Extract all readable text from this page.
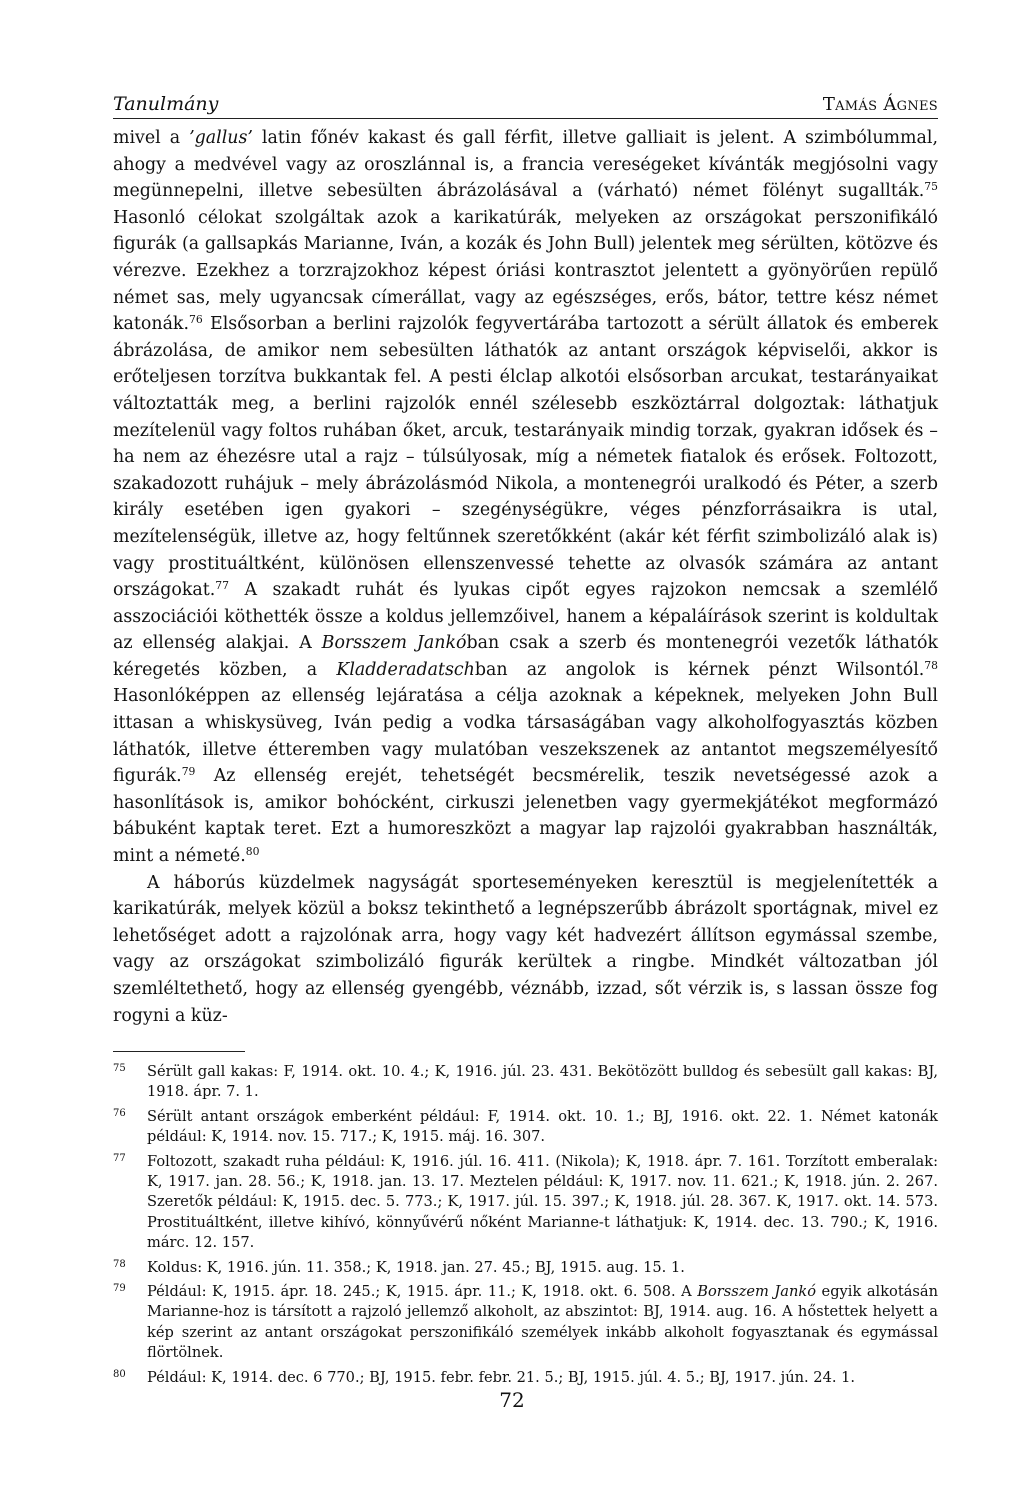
Tanulmány	Tamás Ágnes

mivel a ’gallus’ latin főnév kakast és gall férfit, illetve galliait is jelent. A szimbólummal, ahogy a medvével vagy az oroszlánnal is, a francia vereségeket kívánták megjósolni vagy megünnepelni, illetve sebesülten ábrázolásával a (várható) német fölényt sugallták.$^{75}$ Hasonló célokat szolgáltak azok a karikatúrák, melyeken az országokat perszonifikáló figurák (a gallsapkás Marianne, Iván, a kozák és John Bull) jelentek meg sérülten, kötözve és vérezve. Ezekhez a torzrajzokhoz képest óriási kontrasztot jelentett a gyönyörűen repülő német sas, mely ugyancsak címerállat, vagy az egészséges, erős, bátor, tettre kész német katonák.$^{76}$ Elsősorban a berlini rajzolók fegyvertárába tartozott a sérült állatok és emberek ábrázolása, de amikor nem sebesülten láthatók az antant országok képviselői, akkor is erőteljesen torzítva bukkantak fel. A pesti élclap alkotói elsősorban arcukat, testarányaikat változtatták meg, a berlini rajzolók ennél szélesebb eszköztárral dolgoztak: láthatjuk mezítelenül vagy foltos ruhában őket, arcuk, testarányaik mindig torzak, gyakran idősek és – ha nem az éhezésre utal a rajz – túlsúlyosak, míg a németek fiatalok és erősek. Foltozott, szakadozott ruhájuk – mely ábrázolásmód Nikola, a montenegrói uralkodó és Péter, a szerb király esetében igen gyakori – szegénységükre, véges pénzforrásaikra is utal, mezítelenségük, illetve az, hogy feltűnnek szeretőkként (akár két férfit szimbolizáló alak is) vagy prostituáltként, különösen ellenszenvessé tehette az olvasók számára az antant országokat.$^{77}$ A szakadt ruhát és lyukas cipőt egyes rajzokon nemcsak a szemlélő asszociációi köthették össze a koldus jellemzőivel, hanem a képaláírások szerint is koldultak az ellenség alakjai. A Borsszem Jankóban csak a szerb és montenegrói vezetők láthatók kéregetés közben, a Kladderadatschban az angolok is kérnek pénzt Wilsontól.$^{78}$ Hasonlóképpen az ellenség lejáratása a célja azoknak a képeknek, melyeken John Bull ittasan a whiskysüveg, Iván pedig a vodka társaságában vagy alkoholfogyasztás közben láthatók, illetve étteremben vagy mulatóban veszekszenek az antantot megszemélyesítő figurák.$^{79}$ Az ellenség erejét, tehetségét becsmérelik, teszik nevetségessé azok a hasonlítások is, amikor bohócként, cirkuszi jelenetben vagy gyermekjátékot megformázó bábuként kaptak teret. Ezt a humoreszközt a magyar lap rajzolói gyakrabban használták, mint a németé.$^{80}$

A háborús küzdelmek nagyságát sporteseményeken keresztül is megjelenítették a karikatúrák, melyek közül a boksz tekinthető a legnépszerűbb ábrázolt sportágnak, mivel ez lehetőséget adott a rajzolónak arra, hogy vagy két hadvezért állítson egymással szembe, vagy az országokat szimbolizáló figurák kerültek a ringbe. Mindkét változatban jól szemléltethető, hogy az ellenség gyengébb, véznább, izzad, sőt vérzik is, s lassan össze fog rogyni a küz-

75 Sérült gall kakas: F, 1914. okt. 10. 4.; K, 1916. júl. 23. 431. Bekötözött bulldog és sebesült gall kakas: BJ, 1918. ápr. 7. 1.
76 Sérült antant országok emberként például: F, 1914. okt. 10. 1.; BJ, 1916. okt. 22. 1. Német katonák például: K, 1914. nov. 15. 717.; K, 1915. máj. 16. 307.
77 Foltozott, szakadt ruha például: K, 1916. júl. 16. 411. (Nikola); K, 1918. ápr. 7. 161. Torzított emberalak: K, 1917. jan. 28. 56.; K, 1918. jan. 13. 17. Meztelen például: K, 1917. nov. 11. 621.; K, 1918. jún. 2. 267. Szeretők például: K, 1915. dec. 5. 773.; K, 1917. júl. 15. 397.; K, 1918. júl. 28. 367. K, 1917. okt. 14. 573. Prostituáltként, illetve kihívó, könnyűvérű nőként Marianne-t láthatjuk: K, 1914. dec. 13. 790.; K, 1916. márc. 12. 157.
78 Koldus: K, 1916. jún. 11. 358.; K, 1918. jan. 27. 45.; BJ, 1915. aug. 15. 1.
79 Például: K, 1915. ápr. 18. 245.; K, 1915. ápr. 11.; K, 1918. okt. 6. 508. A Borsszem Jankó egyik alkotásán Marianne-hoz is társított a rajzoló jellemző alkoholt, az abszintot: BJ, 1914. aug. 16. A hőstettek helyett a kép szerint az antant országokat perszonifikáló személyek inkább alkoholt fogyasztanak és egymással flörtölnek.
80 Például: K, 1914. dec. 6 770.; BJ, 1915. febr. febr. 21. 5.; BJ, 1915. júl. 4. 5.; BJ, 1917. jún. 24. 1.
72
